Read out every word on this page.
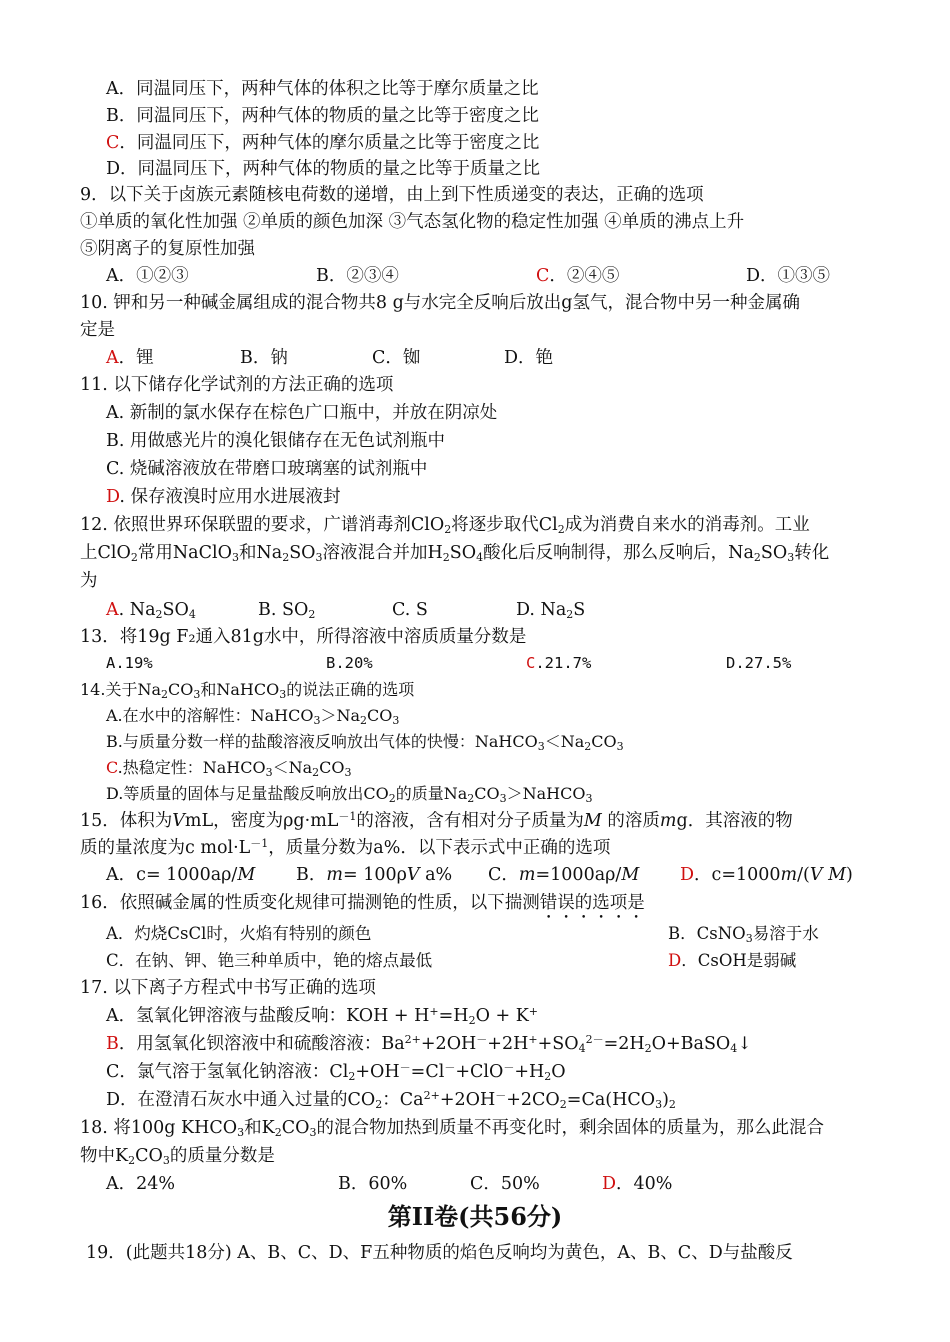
A．同温同压下，两种气体的体积之比等于摩尔质量之比
B．同温同压下，两种气体的物质的量之比等于密度之比
C．同温同压下，两种气体的摩尔质量之比等于密度之比
D．同温同压下，两种气体的物质的量之比等于质量之比
9．以下关于卤族元素随核电荷数的递增，由上到下性质递变的表达，正确的选项
①单质的氧化性加强 ②单质的颜色加深 ③气态氢化物的稳定性加强 ④单质的沸点上升
⑤阴离子的复原性加强
A．①②③	B．②③④	C．②④⑤	D．①③⑤
10. 钾和另一种碱金属组成的混合物共8 g与水完全反响后放出g氢气，混合物中另一种金属确
定是
A．锂	B．钠	C．铷	D．铯
11. 以下储存化学试剂的方法正确的选项
A. 新制的氯水保存在棕色广口瓶中，并放在阴凉处
B. 用做感光片的溴化银储存在无色试剂瓶中
C. 烧碱溶液放在带磨口玻璃塞的试剂瓶中
D. 保存液溴时应用水进展液封
12. 依照世界环保联盟的要求，广谱消毒剂ClO$_2$将逐步取代$Cl_2$成为消费自来水的消毒剂。工业
上ClO$_2$常用NaClO$_3$和$Na_2SO_3$溶液混合并加$H_2SO_4$酸化后反响制得，那么反响后，$Na_2SO_3$转化
为
A. $Na_2SO_4$	B. $SO_2$	C. S	D. $Na_2S$
13．将19g F₂通入81g水中，所得溶液中溶质质量分数是
A.19%	B.20%	C.21.7%	D.27.5%
14.关于$Na_2CO_3$和NaHCO$_3$的说法正确的选项
A.在水中的溶解性：$NaHCO_3>Na_2CO_3$
B.与质量分数一样的盐酸溶液反响放出气体的快慢：$NaHCO_3<Na_2CO_3$
C.热稳定性：$NaHCO_3<Na_2CO_3$
D.等质量的固体与足量盐酸反响放出$CO_2$的质量$Na_2CO_3>NaHCO_3$
15．体积为VmL，密度为$\rho g\cdot mL^{-1}$的溶液，含有相对分子质量为M 的溶质mg．其溶液的物
质的量浓度为c $mol\cdot L^{-1}$，质量分数为a%．以下表示式中正确的选项
A．c= 1000aρ/M B．m= 100ρV a% C．m=1000aρ/M D．c=1000m/(V M)
16．依照碱金属的性质变化规律可揣测铯的性质，以下揣测错误的选项是
A．灼烧CsCl时，火焰有特别的颜色	B．CsNO$_3$易溶于水
C．在钠、钾、铯三种单质中，铯的熔点最低	D．CsOH是弱碱
17. 以下离子方程式中书写正确的选项
A．氢氧化钾溶液与盐酸反响：KOH + $H^+=H_2O + K^+$
B．用氢氧化钡溶液中和硫酸溶液：$Ba^{2+}+2OH^-+2H^++SO_4^{2-}=2H_2O+BaSO_4↓$
C．氯气溶于氢氧化钠溶液：$Cl_2+OH^-=Cl^-+ClO^-+H_2O$
D．在澄清石灰水中通入过量的$CO_2$：$Ca^{2+}+2OH^-+2CO_2=Ca(HCO_3)_2$
18. 将100g $KHCO_3$和$K_2CO_3$的混合物加热到质量不再变化时，剩余固体的质量为，那么此混合
物中$K_2CO_3$的质量分数是
A．24%	B．60%	C．50%	D．40%
第II卷(共56分)
19．(此题共18分) A、B、C、D、F五种物质的焰色反响均为黄色，A、B、C、D与盐酸反
